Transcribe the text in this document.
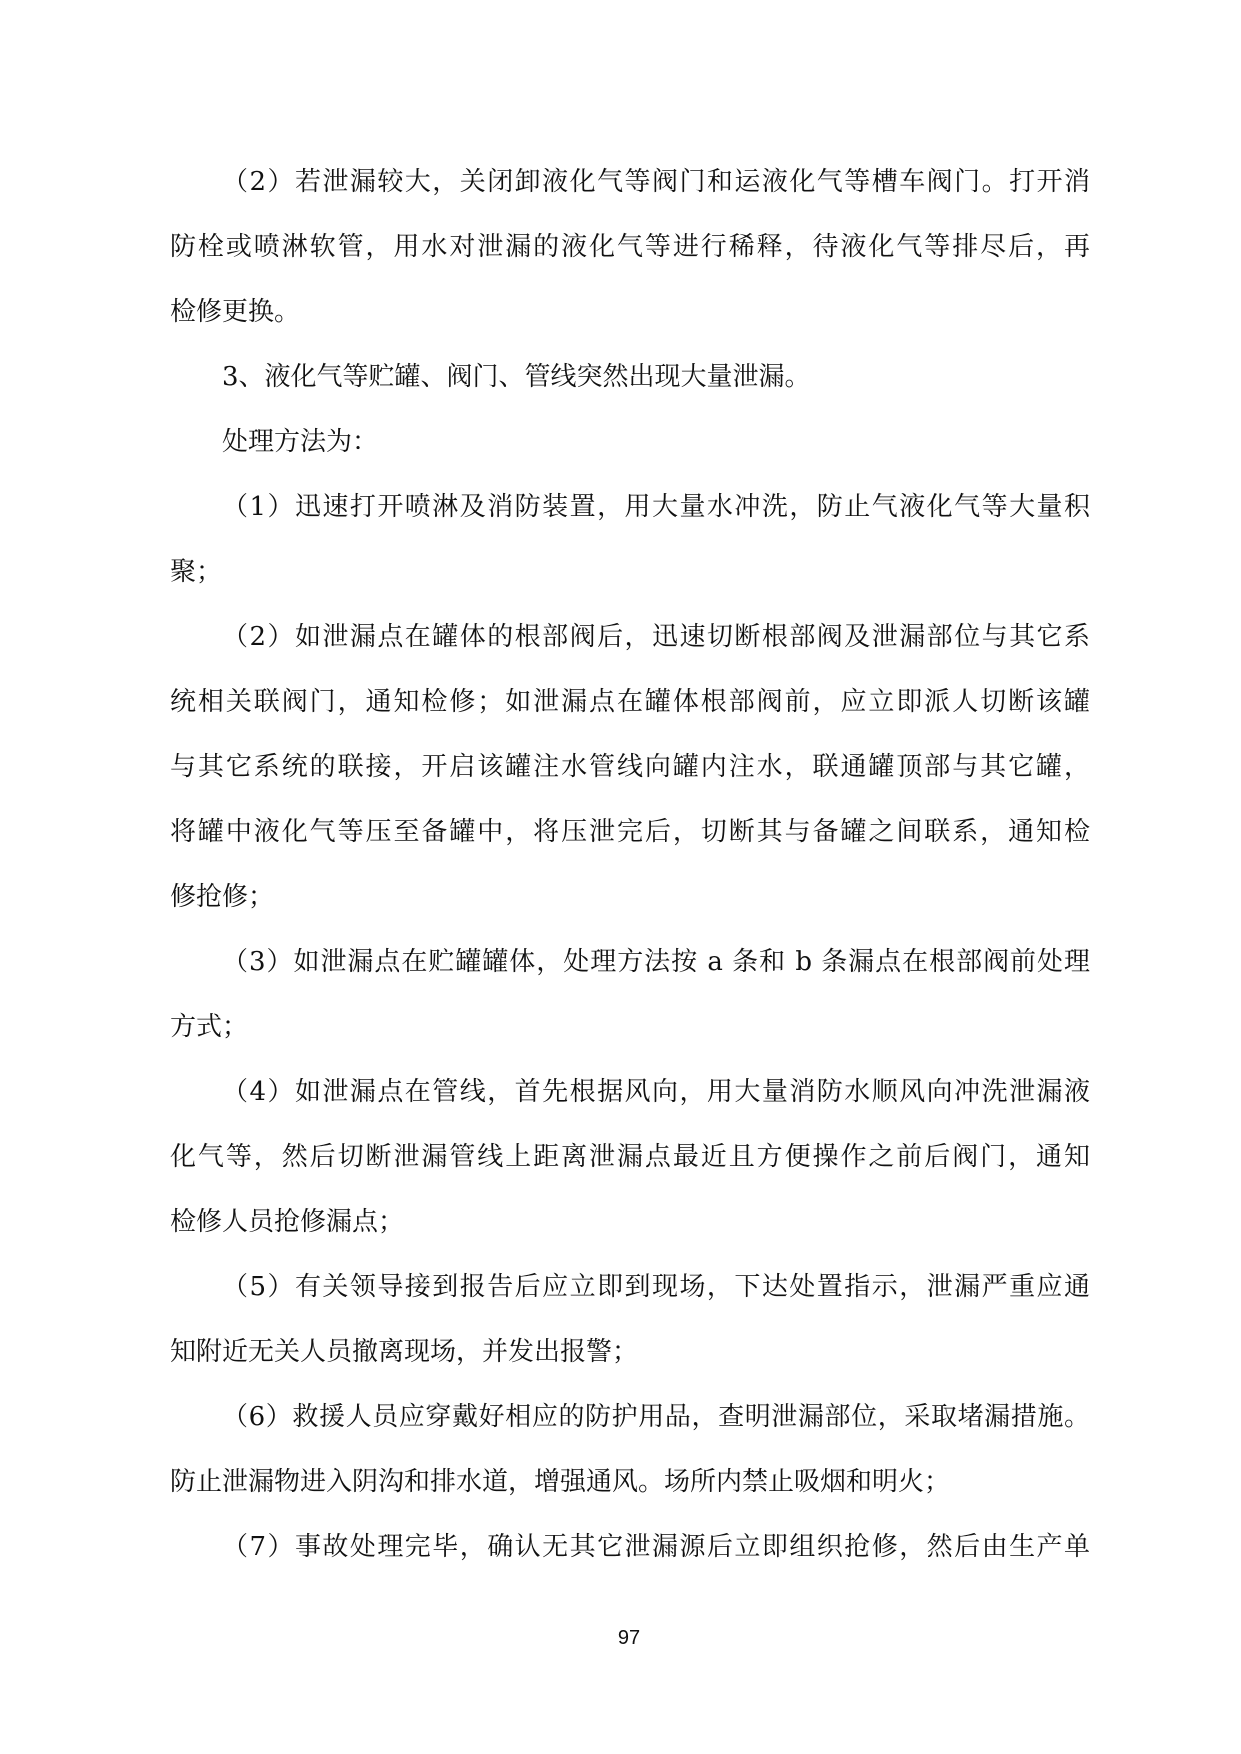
（2）若泄漏较大，关闭卸液化气等阀门和运液化气等槽车阀门。打开消
防栓或喷淋软管，用水对泄漏的液化气等进行稀释，待液化气等排尽后，再
检修更换。
3、液化气等贮罐、阀门、管线突然出现大量泄漏。
处理方法为：
（1）迅速打开喷淋及消防装置，用大量水冲洗，防止气液化气等大量积
聚；
（2）如泄漏点在罐体的根部阀后，迅速切断根部阀及泄漏部位与其它系
统相关联阀门，通知检修；如泄漏点在罐体根部阀前，应立即派人切断该罐
与其它系统的联接，开启该罐注水管线向罐内注水，联通罐顶部与其它罐，
将罐中液化气等压至备罐中，将压泄完后，切断其与备罐之间联系，通知检
修抢修；
（3）如泄漏点在贮罐罐体，处理方法按 a 条和 b 条漏点在根部阀前处理
方式；
（4）如泄漏点在管线，首先根据风向，用大量消防水顺风向冲洗泄漏液
化气等，然后切断泄漏管线上距离泄漏点最近且方便操作之前后阀门，通知
检修人员抢修漏点；
（5）有关领导接到报告后应立即到现场，下达处置指示，泄漏严重应通
知附近无关人员撤离现场，并发出报警；
（6）救援人员应穿戴好相应的防护用品，查明泄漏部位，采取堵漏措施。
防止泄漏物进入阴沟和排水道，增强通风。场所内禁止吸烟和明火；
（7）事故处理完毕，确认无其它泄漏源后立即组织抢修，然后由生产单
97
